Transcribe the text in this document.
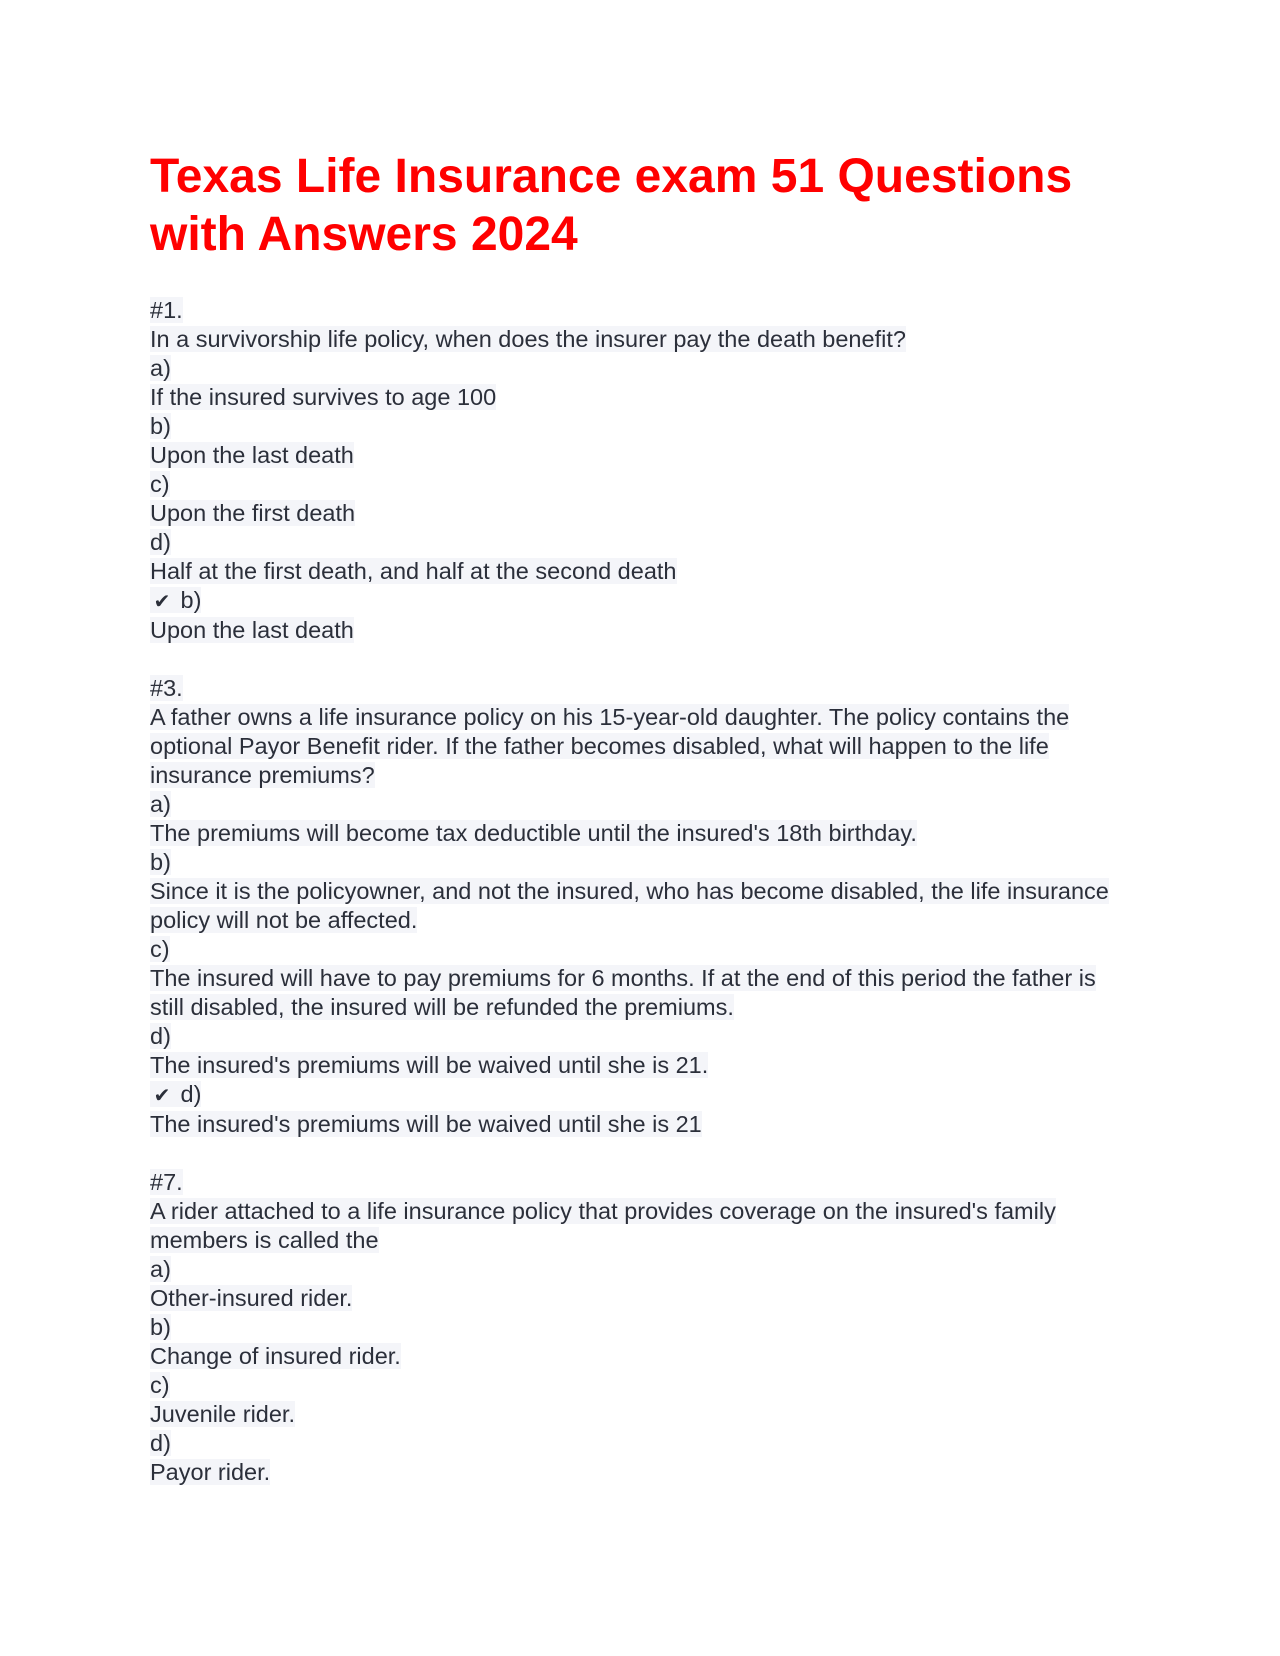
Texas Life Insurance exam 51 Questions with Answers 2024
#1.
In a survivorship life policy, when does the insurer pay the death benefit?
a)
If the insured survives to age 100
b)
Upon the last death
c)
Upon the first death
d)
Half at the first death, and half at the second death
✔ b)
Upon the last death
#3.
A father owns a life insurance policy on his 15-year-old daughter. The policy contains the optional Payor Benefit rider. If the father becomes disabled, what will happen to the life insurance premiums?
a)
The premiums will become tax deductible until the insured's 18th birthday.
b)
Since it is the policyowner, and not the insured, who has become disabled, the life insurance policy will not be affected.
c)
The insured will have to pay premiums for 6 months. If at the end of this period the father is still disabled, the insured will be refunded the premiums.
d)
The insured's premiums will be waived until she is 21.
✔ d)
The insured's premiums will be waived until she is 21
#7.
A rider attached to a life insurance policy that provides coverage on the insured's family members is called the
a)
Other-insured rider.
b)
Change of insured rider.
c)
Juvenile rider.
d)
Payor rider.
